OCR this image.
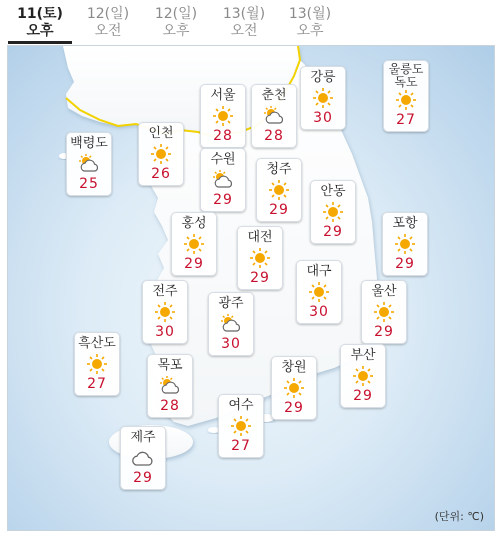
11(토)
오후
12(일)
오전
12(일)
오후
13(월)
오전
13(월)
오후
서울
28
춘천
28
강릉
30
울릉도
독도
27
백령도
25
인천
26
수원
29
청주
29
안동
29
홍성
29
대전
29
포항
29
대구
30
전주
30
광주
30
울산
29
흑산도
27
목포
28
창원
29
부산
29
여수
27
제주
29
(단위: ℃)
